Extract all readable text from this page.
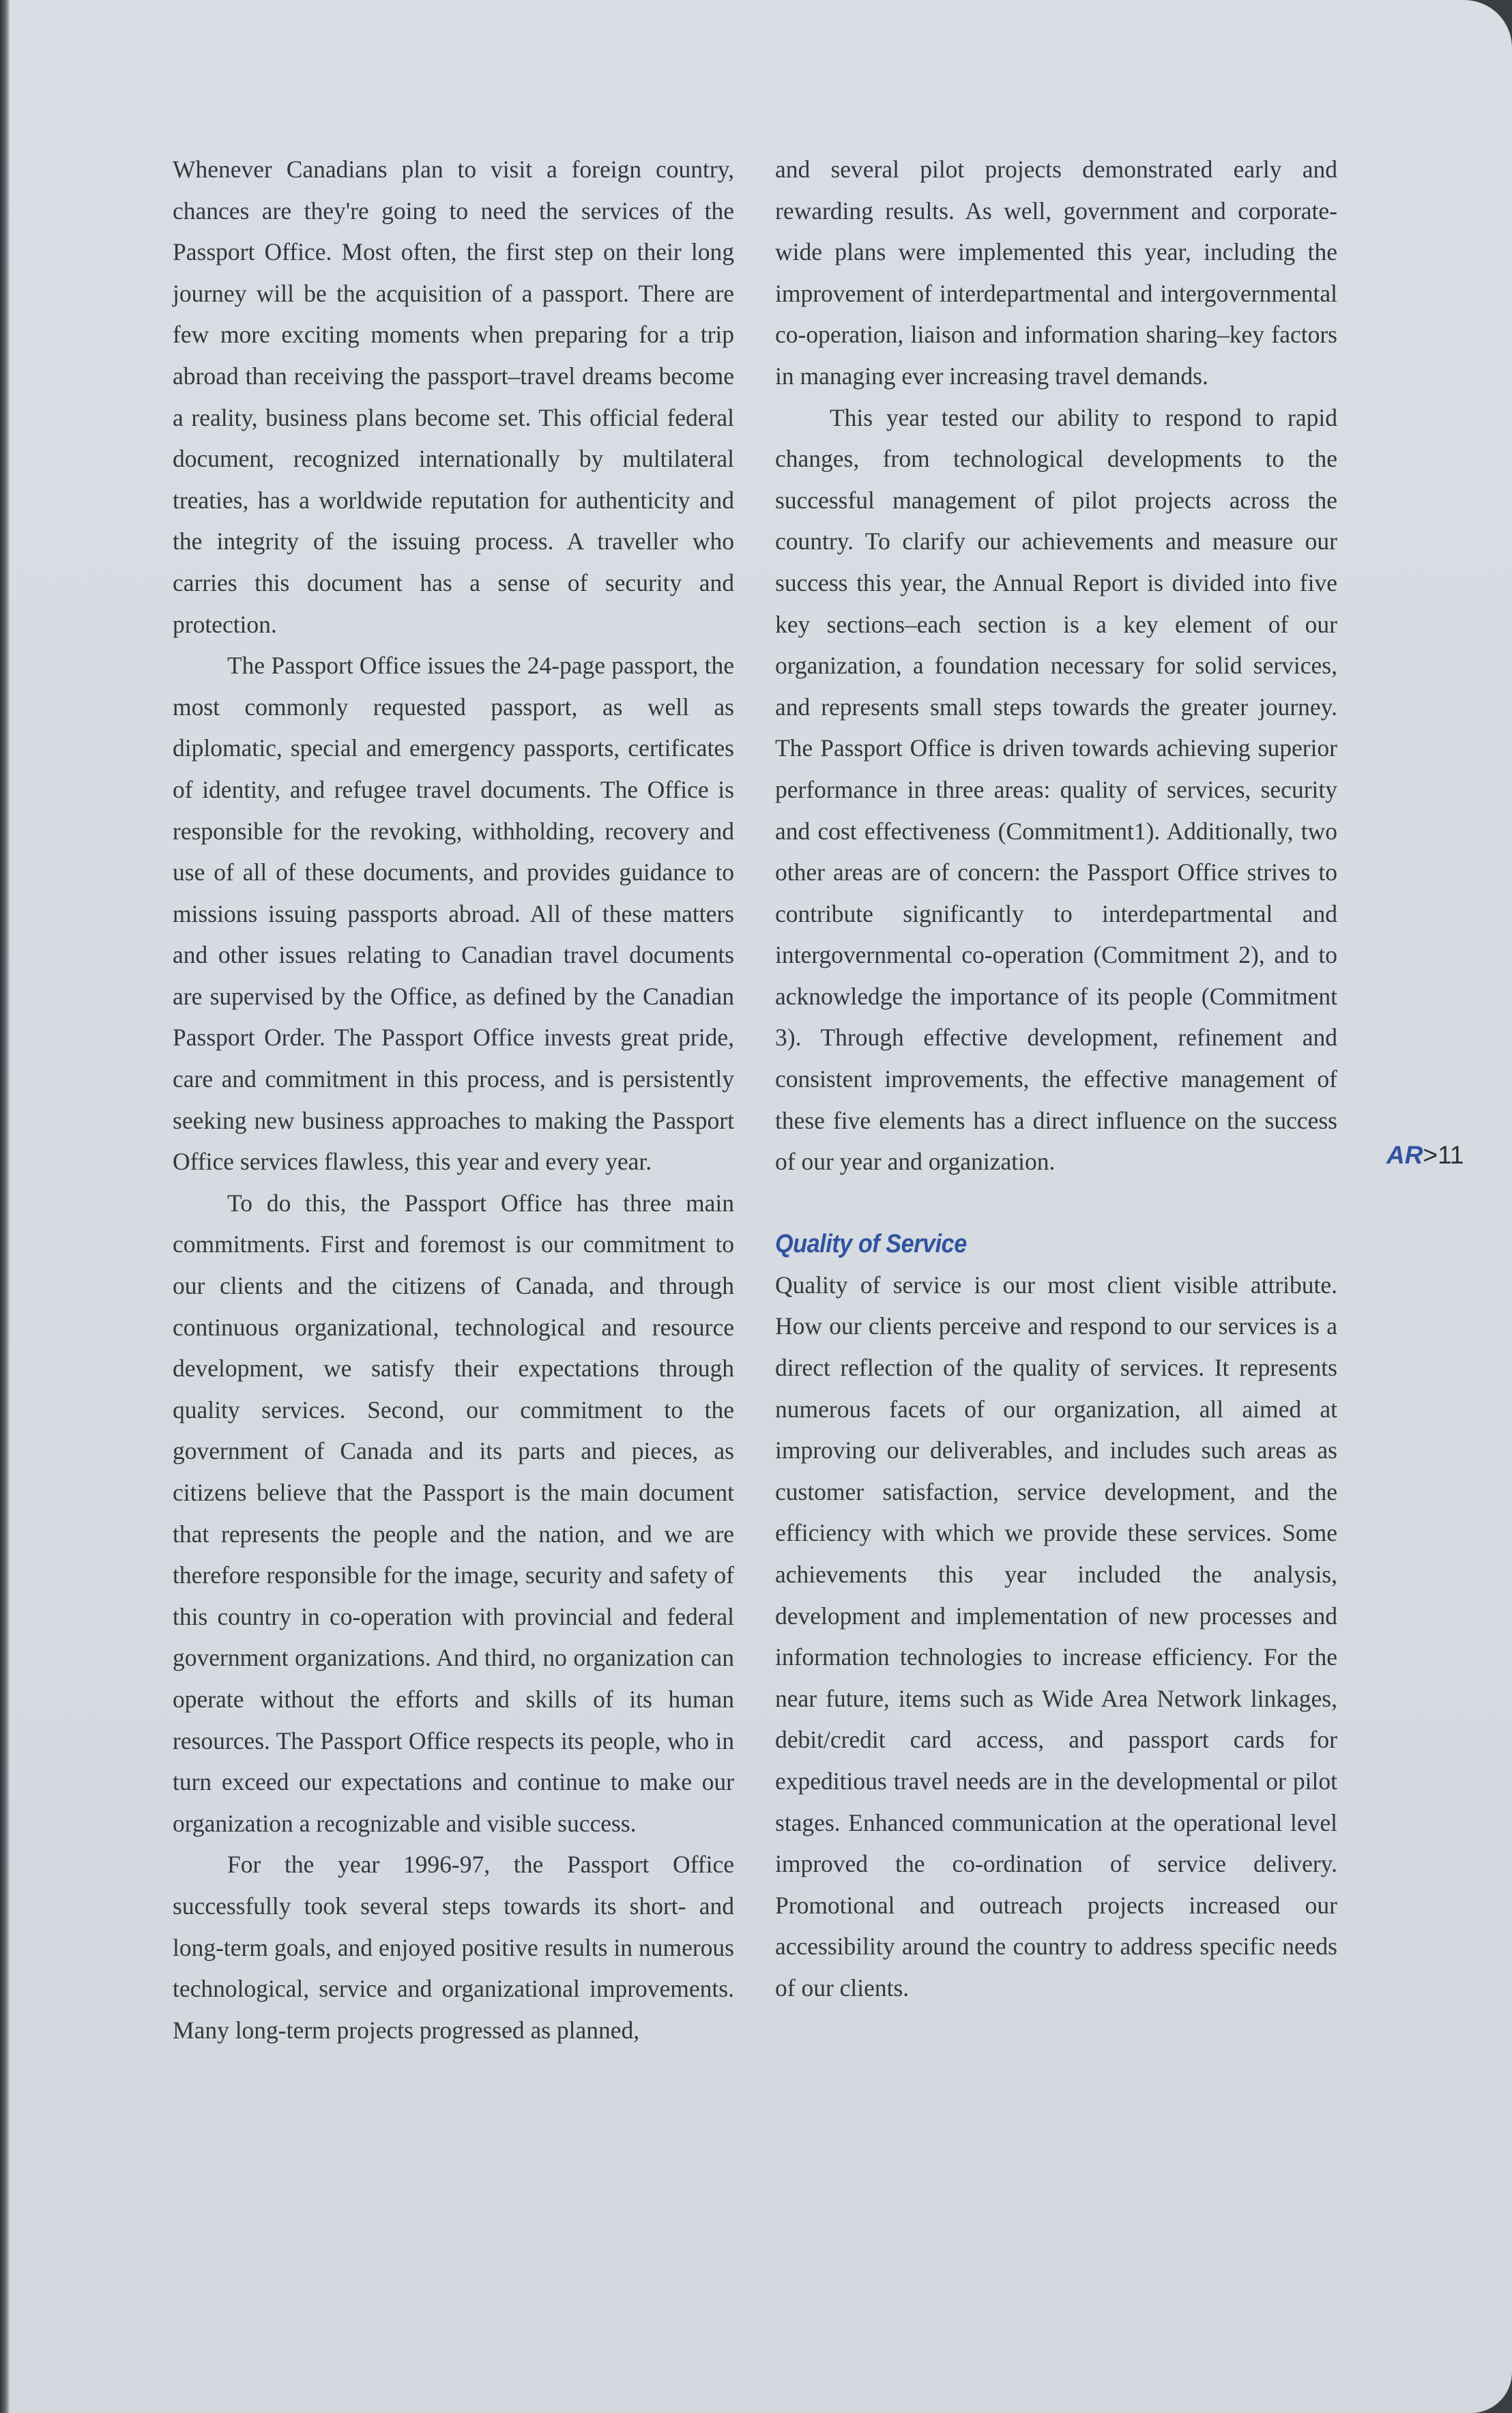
Whenever Canadians plan to visit a foreign country, chances are they're going to need the services of the Passport Office. Most often, the first step on their long journey will be the acquisition of a passport. There are few more exciting moments when preparing for a trip abroad than receiving the passport–travel dreams become a reality, business plans become set. This official federal document, recognized internationally by multilateral treaties, has a worldwide reputation for authenticity and the integrity of the issuing process. A traveller who carries this document has a sense of security and protection.

The Passport Office issues the 24-page passport, the most commonly requested passport, as well as diplomatic, special and emergency passports, certificates of identity, and refugee travel documents. The Office is responsible for the revoking, withholding, recovery and use of all of these documents, and provides guidance to missions issuing passports abroad. All of these matters and other issues relating to Canadian travel documents are supervised by the Office, as defined by the Canadian Passport Order. The Passport Office invests great pride, care and commitment in this process, and is persistently seeking new business approaches to making the Passport Office services flawless, this year and every year.

To do this, the Passport Office has three main commitments. First and foremost is our commitment to our clients and the citizens of Canada, and through continuous organizational, technological and resource development, we satisfy their expectations through quality services. Second, our commitment to the government of Canada and its parts and pieces, as citizens believe that the Passport is the main document that represents the people and the nation, and we are therefore responsible for the image, security and safety of this country in co-operation with provincial and federal government organizations. And third, no organization can operate without the efforts and skills of its human resources. The Passport Office respects its people, who in turn exceed our expectations and continue to make our organization a recognizable and visible success.

For the year 1996-97, the Passport Office successfully took several steps towards its short- and long-term goals, and enjoyed positive results in numerous technological, service and organizational improvements. Many long-term projects progressed as planned,

and several pilot projects demonstrated early and rewarding results. As well, government and corporate-wide plans were implemented this year, including the improvement of interdepartmental and intergovernmental co-operation, liaison and information sharing–key factors in managing ever increasing travel demands.

This year tested our ability to respond to rapid changes, from technological developments to the successful management of pilot projects across the country. To clarify our achievements and measure our success this year, the Annual Report is divided into five key sections–each section is a key element of our organization, a foundation necessary for solid services, and represents small steps towards the greater journey. The Passport Office is driven towards achieving superior performance in three areas: quality of services, security and cost effectiveness (Commitment1). Additionally, two other areas are of concern: the Passport Office strives to contribute significantly to interdepartmental and intergovernmental co-operation (Commitment 2), and to acknowledge the importance of its people (Commitment 3). Through effective development, refinement and consistent improvements, the effective management of these five elements has a direct influence on the success of our year and organization.

Quality of Service

Quality of service is our most client visible attribute. How our clients perceive and respond to our services is a direct reflection of the quality of services. It represents numerous facets of our organization, all aimed at improving our deliverables, and includes such areas as customer satisfaction, service development, and the efficiency with which we provide these services. Some achievements this year included the analysis, development and implementation of new processes and information technologies to increase efficiency. For the near future, items such as Wide Area Network linkages, debit/credit card access, and passport cards for expeditious travel needs are in the developmental or pilot stages. Enhanced communication at the operational level improved the co-ordination of service delivery. Promotional and outreach projects increased our accessibility around the country to address specific needs of our clients.

AR>11
